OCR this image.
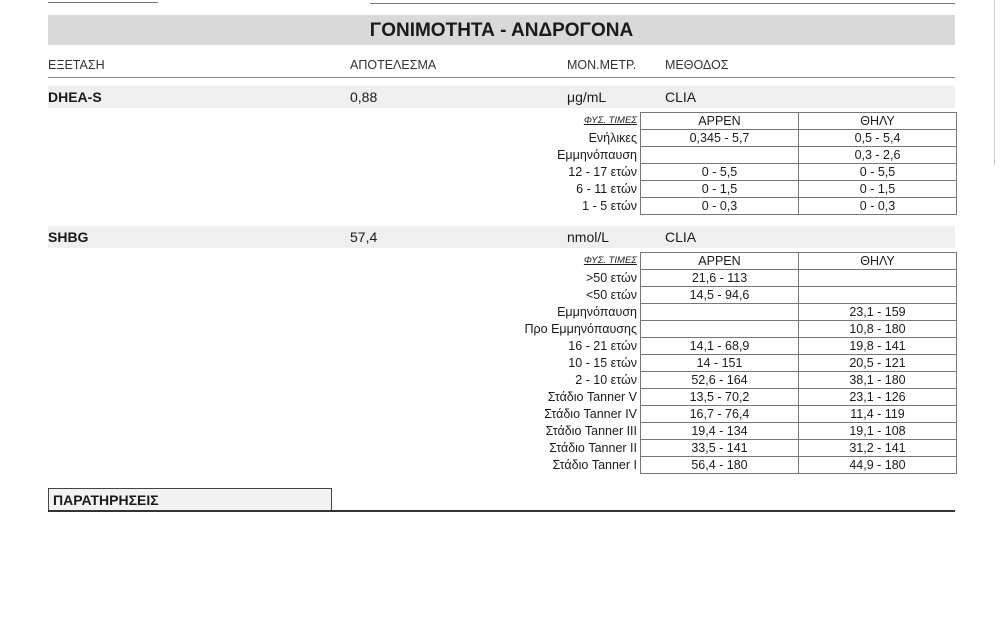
ΓΟΝΙΜΟΤΗΤΑ - ΑΝΔΡΟΓΟΝΑ
ΕΞΕΤΑΣΗ	ΑΠΟΤΕΛΕΣΜΑ	ΜΟΝ.ΜΕΤΡ. ΜΕΘΟΔΟΣ
DHEA-S	0,88	μg/mL	CLIA
ΦΥΣ. ΤΙΜΕΣ	ΑΡΡΕΝ	ΘΗΛΥ
Ενήλικες	0,345 - 5,7	0,5 - 5,4
Εμμηνόπαυση		0,3 - 2,6
12 - 17 ετών	0 - 5,5	0 - 5,5
6 - 11 ετών	0 - 1,5	0 - 1,5
1 - 5 ετών	0 - 0,3	0 - 0,3
SHBG	57,4	nmol/L	CLIA
ΦΥΣ. ΤΙΜΕΣ	ΑΡΡΕΝ	ΘΗΛΥ
>50 ετών	21,6 - 113	
<50 ετών	14,5 - 94,6	
Εμμηνόπαυση		23,1 - 159
Προ Εμμηνόπαυσης		10,8 - 180
16 - 21 ετών	14,1 - 68,9	19,8 - 141
10 - 15 ετών	14 - 151	20,5 - 121
2 - 10 ετών	52,6 - 164	38,1 - 180
Στάδιο Tanner V	13,5 - 70,2	23,1 - 126
Στάδιο Tanner IV	16,7 - 76,4	11,4 - 119
Στάδιο Tanner III	19,4 - 134	19,1 - 108
Στάδιο Tanner II	33,5 - 141	31,2 - 141
Στάδιο Tanner I	56,4 - 180	44,9 - 180
ΠΑΡΑΤΗΡΗΣΕΙΣ
